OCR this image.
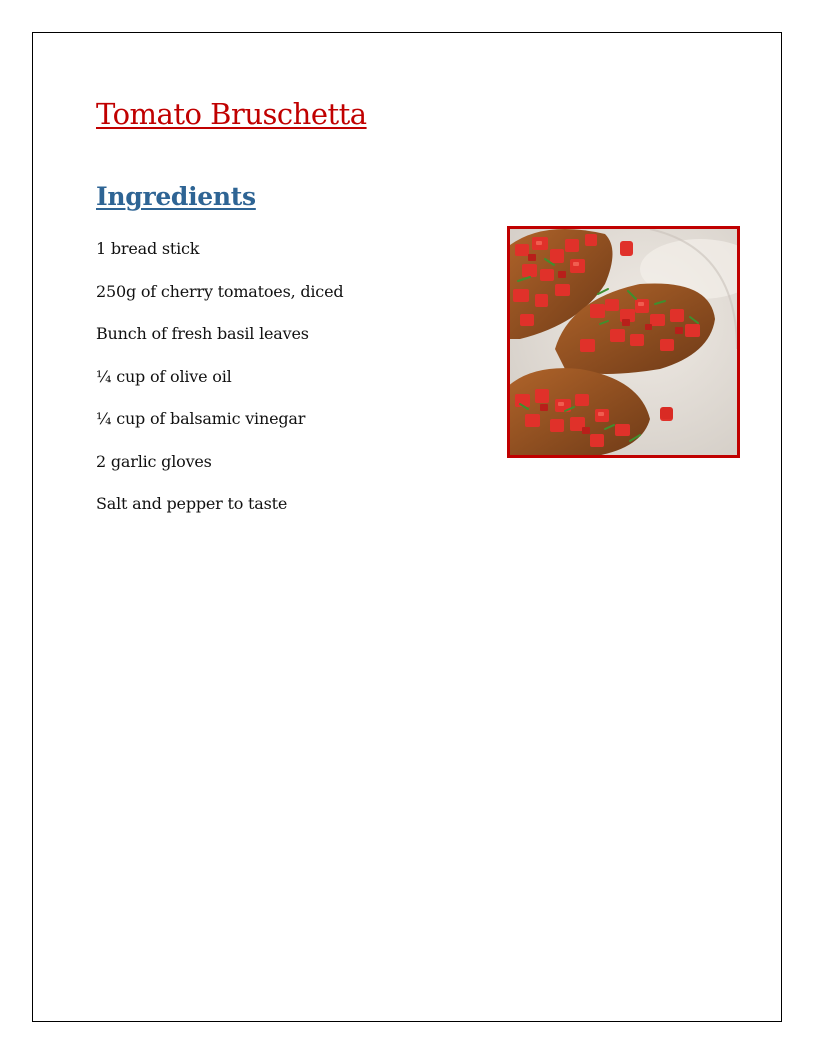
Tomato Bruschetta
Ingredients
1 bread stick
250g of cherry tomatoes, diced
Bunch of fresh basil leaves
¼ cup of olive oil
¼ cup of balsamic vinegar
2 garlic gloves
Salt and pepper to taste
